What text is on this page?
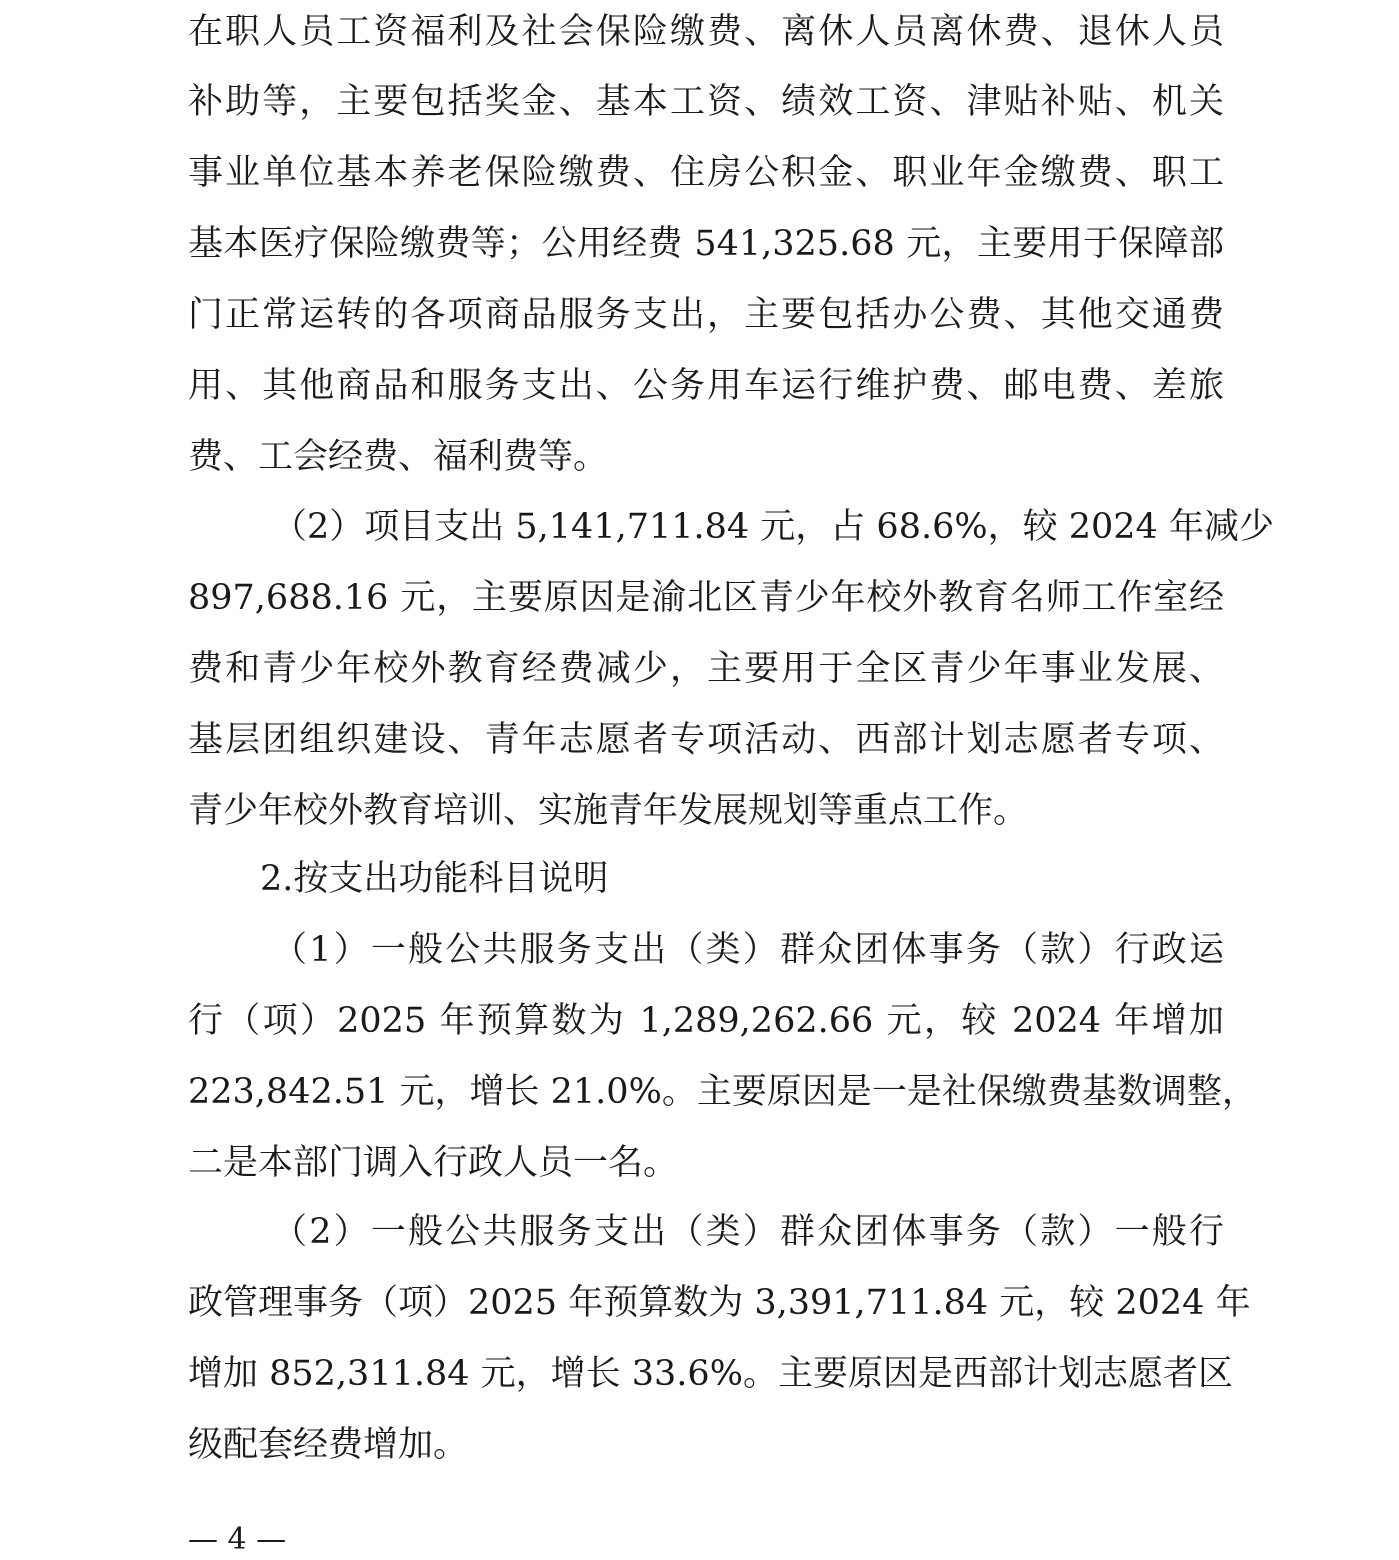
在职人员工资福利及社会保险缴费、离休人员离休费、退休人员
补助等，主要包括奖金、基本工资、绩效工资、津贴补贴、机关
事业单位基本养老保险缴费、住房公积金、职业年金缴费、职工
基本医疗保险缴费等；公用经费 541,325.68 元，主要用于保障部
门正常运转的各项商品服务支出，主要包括办公费、其他交通费
用、其他商品和服务支出、公务用车运行维护费、邮电费、差旅
费、工会经费、福利费等。
（2）项目支出 5,141,711.84 元，占 68.6%，较 2024 年减少
897,688.16 元，主要原因是渝北区青少年校外教育名师工作室经
费和青少年校外教育经费减少，主要用于全区青少年事业发展、
基层团组织建设、青年志愿者专项活动、西部计划志愿者专项、
青少年校外教育培训、实施青年发展规划等重点工作。
2.按支出功能科目说明
（1）一般公共服务支出（类）群众团体事务（款）行政运
行（项）2025 年预算数为 1,289,262.66 元，较 2024 年增加
223,842.51 元，增长 21.0%。主要原因是一是社保缴费基数调整，
二是本部门调入行政人员一名。
（2）一般公共服务支出（类）群众团体事务（款）一般行
政管理事务（项）2025 年预算数为 3,391,711.84 元，较 2024 年
增加 852,311.84 元，增长 33.6%。主要原因是西部计划志愿者区
级配套经费增加。
— 4 —
